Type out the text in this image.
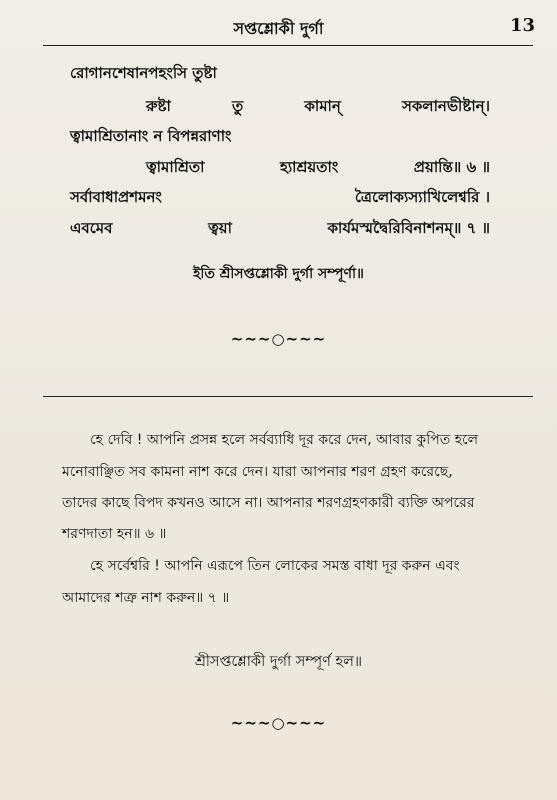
সপ্তশ্লোকী দুর্গা	13
রোগানশেষানপহংসি তুষ্টা
রুষ্টা	তু	কামান্	সকলানভীষ্টান্।
ত্বামাশ্রিতানাং ন বিপন্নরাণাং
ত্বামাশ্রিতা	হ্যাশ্রয়তাং	প্রয়ান্তি॥ ৬ ॥
সর্বাবাধাপ্রশমনং	ত্রৈলোক্যস্যাখিলেশ্বরি ।
এবমেব	ত্বয়া	কার্যমস্মদ্বৈরিবিনাশনম্॥ ৭ ॥
ইতি শ্রীসপ্তশ্লোকী দুর্গা সম্পূর্ণা॥
~~~○~~~
হে দেবি ! আপনি প্রসন্ন হলে সর্বব্যাধি দূর করে দেন, আবার কুপিত হলে
মনোবাঞ্ছিত সব কামনা নাশ করে দেন। যারা আপনার শরণ গ্রহণ করেছে,
তাদের কাছে বিপদ কখনও আসে না। আপনার শরণগ্রহণকারী ব্যক্তি অপরের
শরণদাতা হন॥ ৬ ॥
হে সর্বেশ্বরি ! আপনি এরূপে তিন লোকের সমস্ত বাধা দূর করুন এবং
আমাদের শত্রু নাশ করুন॥ ৭ ॥
শ্রীসপ্তশ্লোকী দুর্গা সম্পূর্ণ হল॥
~~~○~~~
